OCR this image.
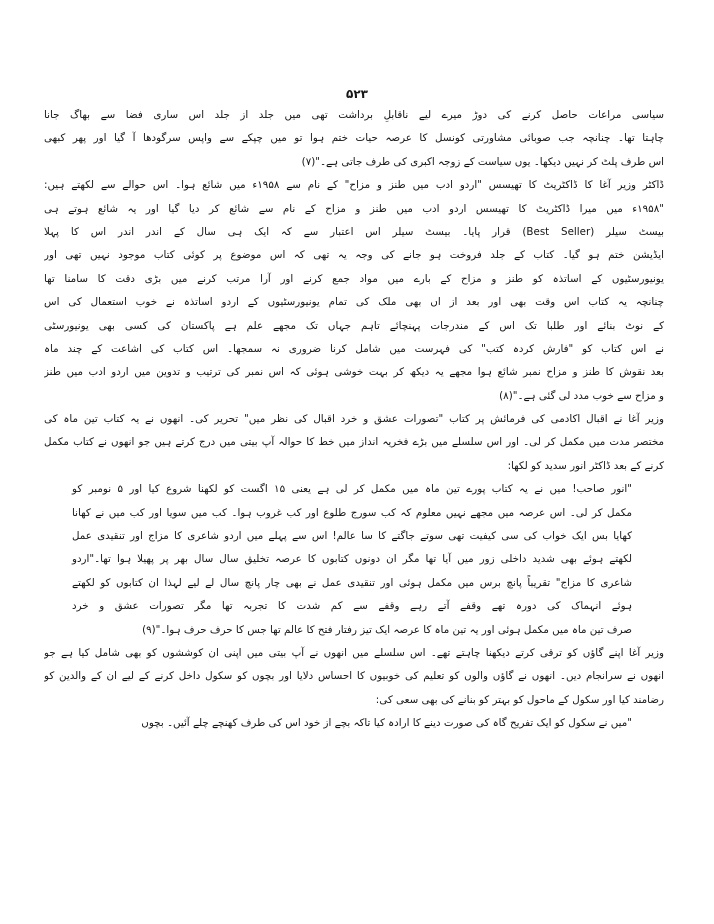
۵۲۳
سیاسی مراعات حاصل کرنے کی دوڑ میرے لیے ناقابلِ برداشت تھی میں جلد از جلد اس ساری فضا سے بھاگ جانا
چاہتا تھا۔ چنانچہ جب صوبائی مشاورتی کونسل کا عرصہ حیات ختم ہوا تو میں چپکے سے واپس سرگودھا آ گیا اور پھر کبھی
اس طرف پلٹ کر نہیں دیکھا۔ یوں سیاست کے زوجہ اکبری کی طرف جاتی ہے۔"(۷)
ڈاکٹر وزیر آغا کا ڈاکٹریٹ کا تھیسس "اردو ادب میں طنز و مزاح" کے نام سے ۱۹۵۸ء میں شائع ہوا۔ اس حوالے سے لکھتے ہیں:
"۱۹۵۸ء میں میرا ڈاکٹریٹ کا تھیسس اردو ادب میں طنز و مزاح کے نام سے شائع کر دیا گیا اور یہ شائع ہوتے ہی
بیسٹ سیلر (Best Seller) قرار پایا۔ بیسٹ سیلر اس اعتبار سے کہ ایک ہی سال کے اندر اندر اس کا پہلا
ایڈیشن ختم ہو گیا۔ کتاب کے جلد فروخت ہو جانے کی وجہ یہ تھی کہ اس موضوع پر کوئی کتاب موجود نہیں تھی اور
یونیورسٹیوں کے اساتذہ کو طنز و مزاح کے بارے میں مواد جمع کرنے اور آرا مرتب کرنے میں بڑی دقت کا سامنا تھا
چنانچہ یہ کتاب اس وقت بھی اور بعد از اں بھی ملک کی تمام یونیورسٹیوں کے اردو اساتذہ نے خوب استعمال کی اس
کے نوٹ بنائے اور طلبا تک اس کے مندرجات پہنچائے تاہم جہاں تک مجھے علم ہے پاکستان کی کسی بھی یونیورسٹی
نے اس کتاب کو "فارش کردہ کتب" کی فہرست میں شامل کرنا ضروری نہ سمجھا۔ اس کتاب کی اشاعت کے چند ماہ
بعد نقوش کا طنز و مزاح نمبر شائع ہوا مجھے یہ دیکھ کر بہت خوشی ہوئی کہ اس نمبر کی ترتیب و تدوین میں اردو ادب میں طنز
و مزاح سے خوب مدد لی گئی ہے۔"(۸)
وزیر آغا نے اقبال اکادمی کی فرمائش پر کتاب "تصورات عشق و خرد اقبال کی نظر میں" تحریر کی۔ انھوں نے یہ کتاب تین ماہ کی
مختصر مدت میں مکمل کر لی۔ اور اس سلسلے میں بڑے فخریہ انداز میں خط کا حوالہ آپ بیتی میں درج کرتے ہیں جو انھوں نے کتاب مکمل
کرنے کے بعد ڈاکٹر انور سدید کو لکھا:
"انور صاحب! میں نے یہ کتاب پورے تین ماہ میں مکمل کر لی ہے یعنی ۱۵ اگست کو لکھنا شروع کیا اور ۵ نومبر کو
مکمل کر لی۔ اس عرصہ میں مجھے نہیں معلوم کہ کب سورج طلوع اور کب غروب ہوا۔ کب میں سویا اور کب میں نے کھانا
کھایا بس ایک خواب کی سی کیفیت تھی سوتے جاگتے کا سا عالم! اس سے پہلے میں اردو شاعری کا مزاج اور تنقیدی عمل
لکھتے ہوئے بھی شدید داخلی زور میں آیا تھا مگر ان دونوں کتابوں کا عرصہ تخلیق سال سال بھر پر پھیلا ہوا تھا۔"اردو
شاعری کا مزاج" تقریباً پانچ برس میں مکمل ہوئی اور تنقیدی عمل نے بھی چار پانچ سال لے لیے لہذا ان کتابوں کو لکھتے
ہوئے انہماک کی دورہ تھے وقفے آتے رہے وقفے سے کم شدت کا تجربہ تھا مگر تصورات عشق و خرد
صرف تین ماہ میں مکمل ہوئی اور یہ تین ماہ کا عرصہ ایک تیز رفتار فتح کا عالم تھا جس کا حرف حرف ہوا۔"(۹)
وزیر آغا اپنے گاؤں کو ترقی کرتے دیکھنا چاہتے تھے۔ اس سلسلے میں انھوں نے آپ بیتی میں اپنی ان کوششوں کو بھی شامل کیا ہے جو
انھوں نے سرانجام دیں۔ انھوں نے گاؤں والوں کو تعلیم کی خوبیوں کا احساس دلایا اور بچوں کو سکول داخل کرنے کے لیے ان کے والدین کو
رضامند کیا اور سکول کے ماحول کو بہتر کو بنانے کی بھی سعی کی:
"میں نے سکول کو ایک تفریح گاہ کی صورت دینے کا ارادہ کیا تاکہ بچے از خود اس کی طرف کھنچے چلے آئیں۔ بچوں
